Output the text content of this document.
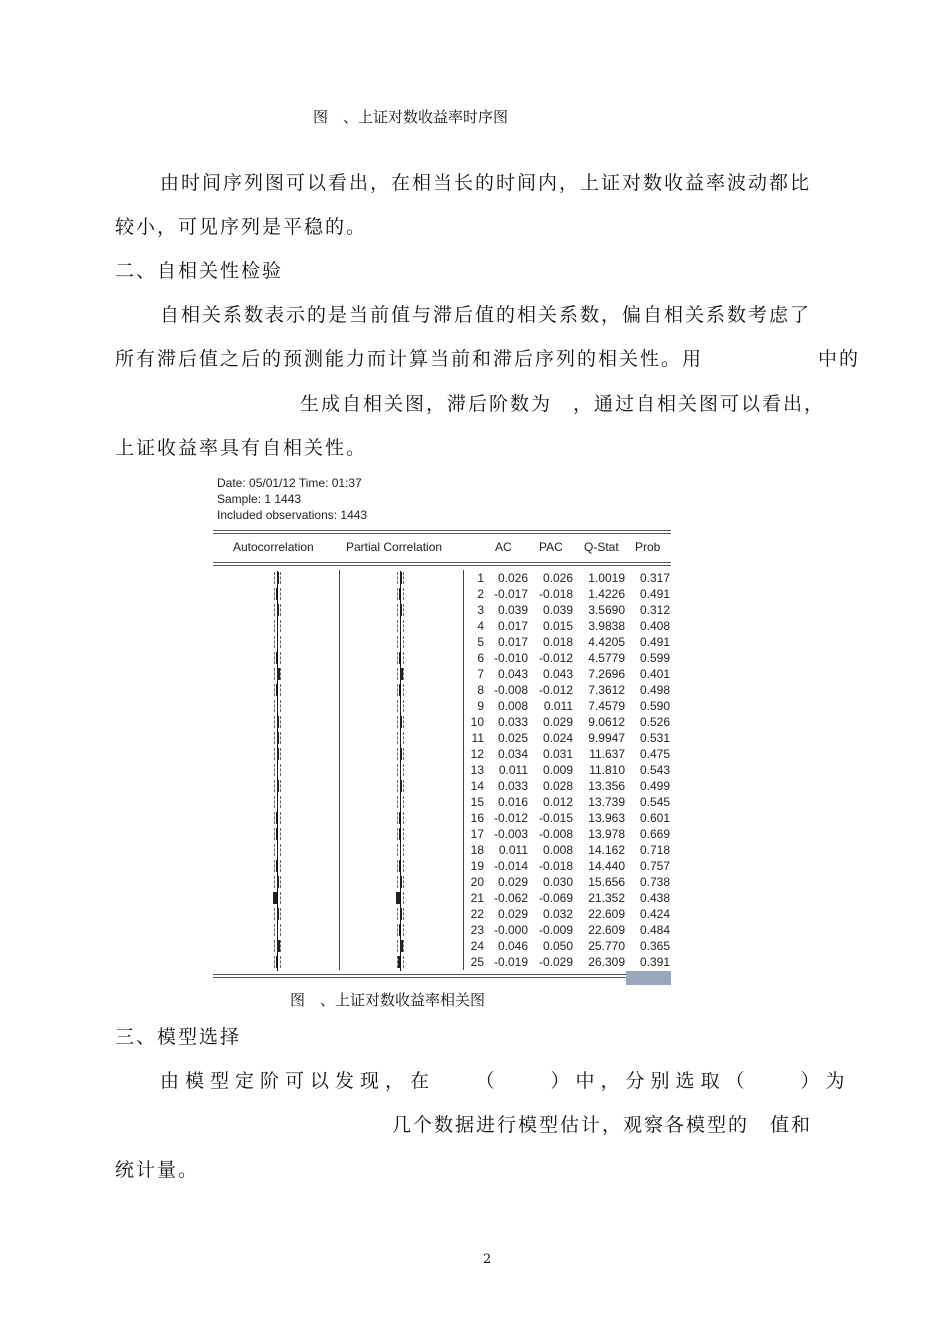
图　、上证对数收益率时序图
由时间序列图可以看出，在相当长的时间内，上证对数收益率波动都比
较小，可见序列是平稳的。
二、自相关性检验
自相关系数表示的是当前值与滞后值的相关系数，偏自相关系数考虑了
所有滞后值之后的预测能力而计算当前和滞后序列的相关性。用	中的
生成自相关图，滞后阶数为　，通过自相关图可以看出，
上证收益率具有自相关性。
Date: 05/01/12 Time: 01:37
Sample: 1 1443
Included observations: 1443
Autocorrelation	Partial Correlation	AC PAC Q-Stat Prob
1 0.026 0.026 1.0019 0.317
2 -0.017 -0.018 1.4226 0.491
3 0.039 0.039 3.5690 0.312
4 0.017 0.015 3.9838 0.408
5 0.017 0.018 4.4205 0.491
6 -0.010 -0.012 4.5779 0.599
7 0.043 0.043 7.2696 0.401
8 -0.008 -0.012 7.3612 0.498
9 0.008 0.011 7.4579 0.590
10 0.033 0.029 9.0612 0.526
11 0.025 0.024 9.9947 0.531
12 0.034 0.031 11.637 0.475
13 0.011 0.009 11.810 0.543
14 0.033 0.028 13.356 0.499
15 0.016 0.012 13.739 0.545
16 -0.012 -0.015 13.963 0.601
17 -0.003 -0.008 13.978 0.669
18 0.011 0.008 14.162 0.718
19 -0.014 -0.018 14.440 0.757
20 0.029 0.030 15.656 0.738
21 -0.062 -0.069 21.352 0.438
22 0.029 0.032 22.609 0.424
23 -0.000 -0.009 22.609 0.484
24 0.046 0.050 25.770 0.365
25 -0.019 -0.029 26.309 0.391
图　、上证对数收益率相关图
三、模型选择
由模型定阶可以发现，在　　（　　）中，分别选取（　　）为
几个数据进行模型估计，观察各模型的　值和
统计量。
2
